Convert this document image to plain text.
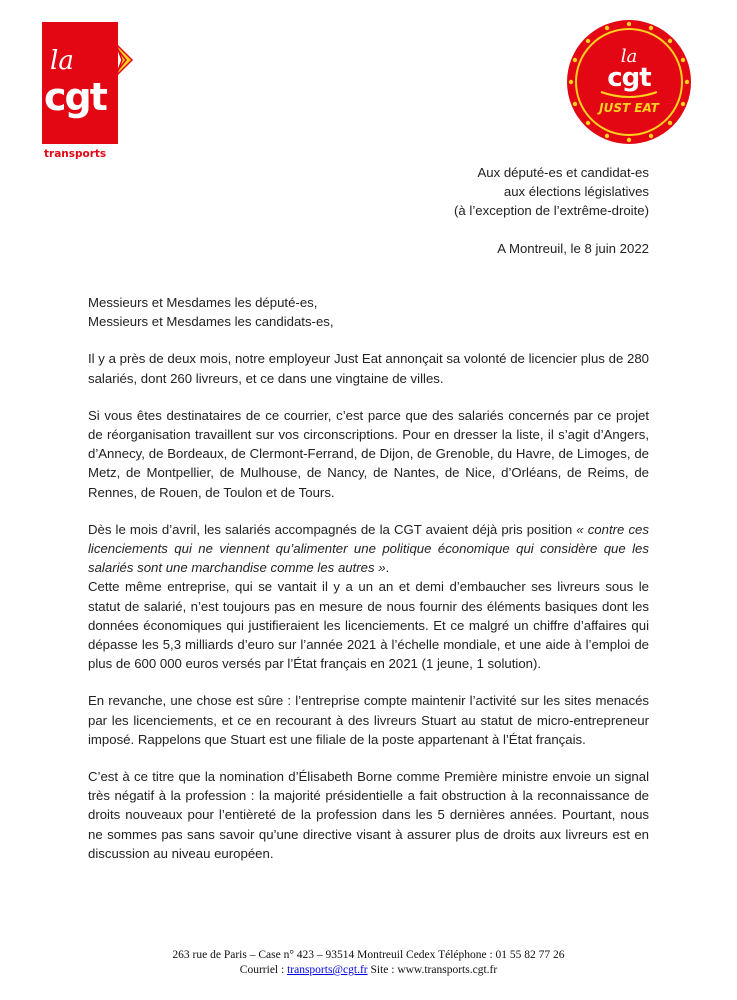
la
cgt
transports
la
cgt
JUST EAT
Aux député-es et candidat-es
aux élections législatives
(à l’exception de l’extrême-droite)
A Montreuil, le 8 juin 2022
Messieurs et Mesdames les député-es,
Messieurs et Mesdames les candidats-es,

Il y a près de deux mois, notre employeur Just Eat annonçait sa volonté de licencier plus de 280 salariés, dont 260 livreurs, et ce dans une vingtaine de villes.

Si vous êtes destinataires de ce courrier, c’est parce que des salariés concernés par ce projet de réorganisation travaillent sur vos circonscriptions. Pour en dresser la liste, il s’agit d’Angers, d’Annecy, de Bordeaux, de Clermont-Ferrand, de Dijon, de Grenoble, du Havre, de Limoges, de Metz, de Montpellier, de Mulhouse, de Nancy, de Nantes, de Nice, d’Orléans, de Reims, de Rennes, de Rouen, de Toulon et de Tours.

Dès le mois d’avril, les salariés accompagnés de la CGT avaient déjà pris position « contre ces licenciements qui ne viennent qu’alimenter une politique économique qui considère que les salariés sont une marchandise comme les autres ».

Cette même entreprise, qui se vantait il y a un an et demi d’embaucher ses livreurs sous le statut de salarié, n’est toujours pas en mesure de nous fournir des éléments basiques dont les données économiques qui justifieraient les licenciements. Et ce malgré un chiffre d’affaires qui dépasse les 5,3 milliards d’euro sur l’année 2021 à l’échelle mondiale, et une aide à l’emploi de plus de 600 000 euros versés par l’État français en 2021 (1 jeune, 1 solution).

En revanche, une chose est sûre : l’entreprise compte maintenir l’activité sur les sites menacés par les licenciements, et ce en recourant à des livreurs Stuart au statut de micro-entrepreneur imposé. Rappelons que Stuart est une filiale de la poste appartenant à l’État français.

C’est à ce titre que la nomination d’Élisabeth Borne comme Première ministre envoie un signal très négatif à la profession : la majorité présidentielle a fait obstruction à la reconnaissance de droits nouveaux pour l’entièreté de la profession dans les 5 dernières années. Pourtant, nous ne sommes pas sans savoir qu’une directive visant à assurer plus de droits aux livreurs est en discussion au niveau européen.

263 rue de Paris – Case n° 423 – 93514 Montreuil Cedex Téléphone : 01 55 82 77 26
Courriel : transports@cgt.fr Site : www.transports.cgt.fr
